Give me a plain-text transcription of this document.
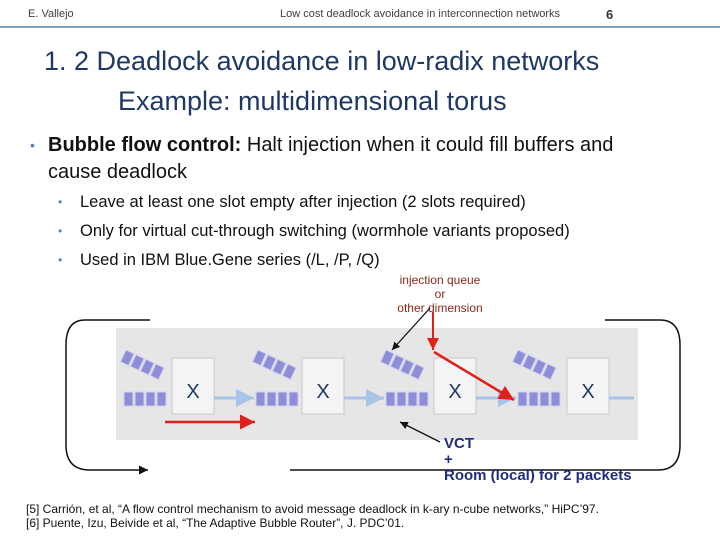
E. Vallejo	Low cost deadlock avoidance in interconnection networks	6
1. 2 Deadlock avoidance in low-radix networks
Example: multidimensional torus
• Bubble flow control: Halt injection when it could fill buffers and cause deadlock
• Leave at least one slot empty after injection (2 slots required)
• Only for virtual cut-through switching (wormhole variants proposed)
• Used in IBM Blue.Gene series (/L, /P, /Q)
injection queue
or
other dimension
X	X	X	X
VCT
+
Room (local) for 2 packets
[5] Carrión, et al, “A flow control mechanism to avoid message deadlock in k-ary n-cube networks,” HiPC’97.
[6] Puente, Izu, Beivide et al, “The Adaptive Bubble Router”, J. PDC’01.
